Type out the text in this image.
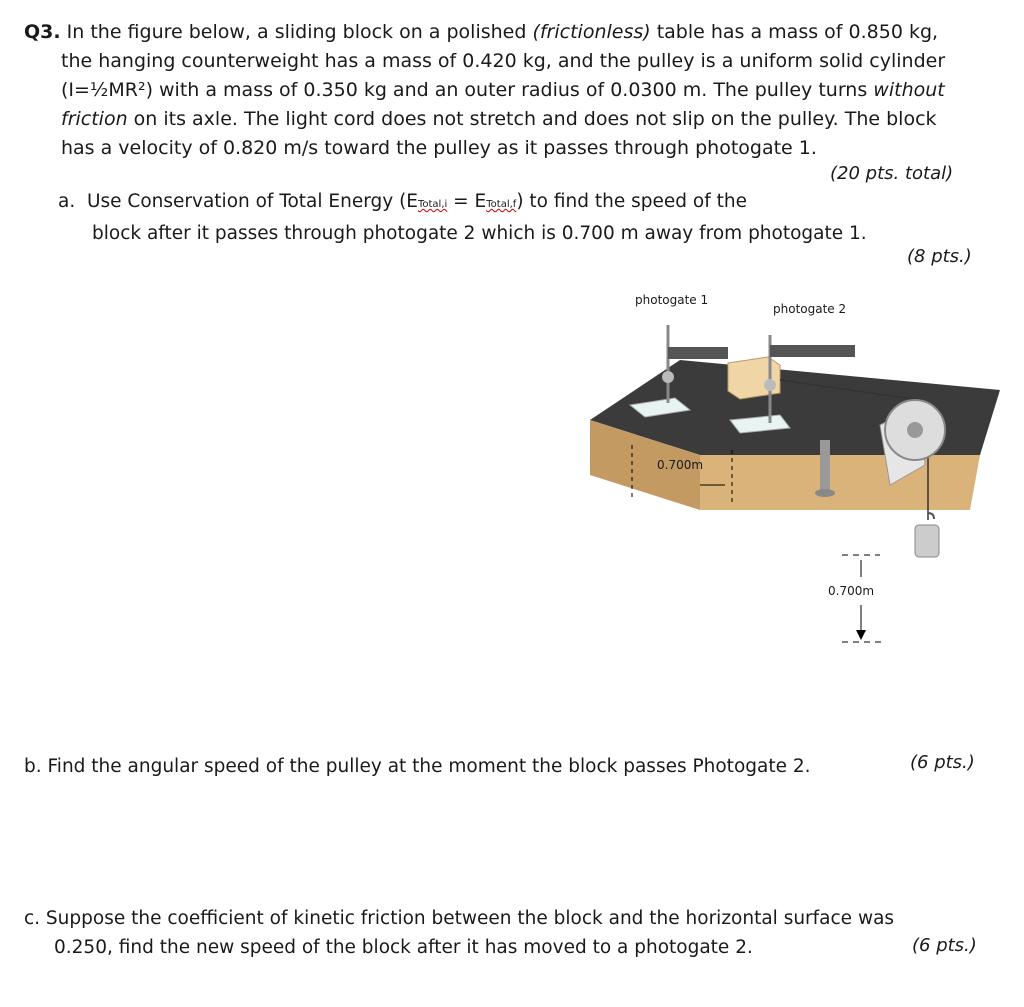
Q3. In the figure below, a sliding block on a polished (frictionless) table has a mass of 0.850 kg,
the hanging counterweight has a mass of 0.420 kg, and the pulley is a uniform solid cylinder
(I=½MR²) with a mass of 0.350 kg and an outer radius of 0.0300 m. The pulley turns without
friction on its axle. The light cord does not stretch and does not slip on the pulley. The block
has a velocity of 0.820 m/s toward the pulley as it passes through photogate 1.
(20 pts. total)
a. Use Conservation of Total Energy (ETotal,i = ETotal,f) to find the speed of the
block after it passes through photogate 2 which is 0.700 m away from photogate 1.
(8 pts.)
photogate 1
photogate 2
0.700m
0.700m
b. Find the angular speed of the pulley at the moment the block passes Photogate 2.	(6 pts.)
c. Suppose the coefficient of kinetic friction between the block and the horizontal surface was
0.250, find the new speed of the block after it has moved to a photogate 2.	(6 pts.)
